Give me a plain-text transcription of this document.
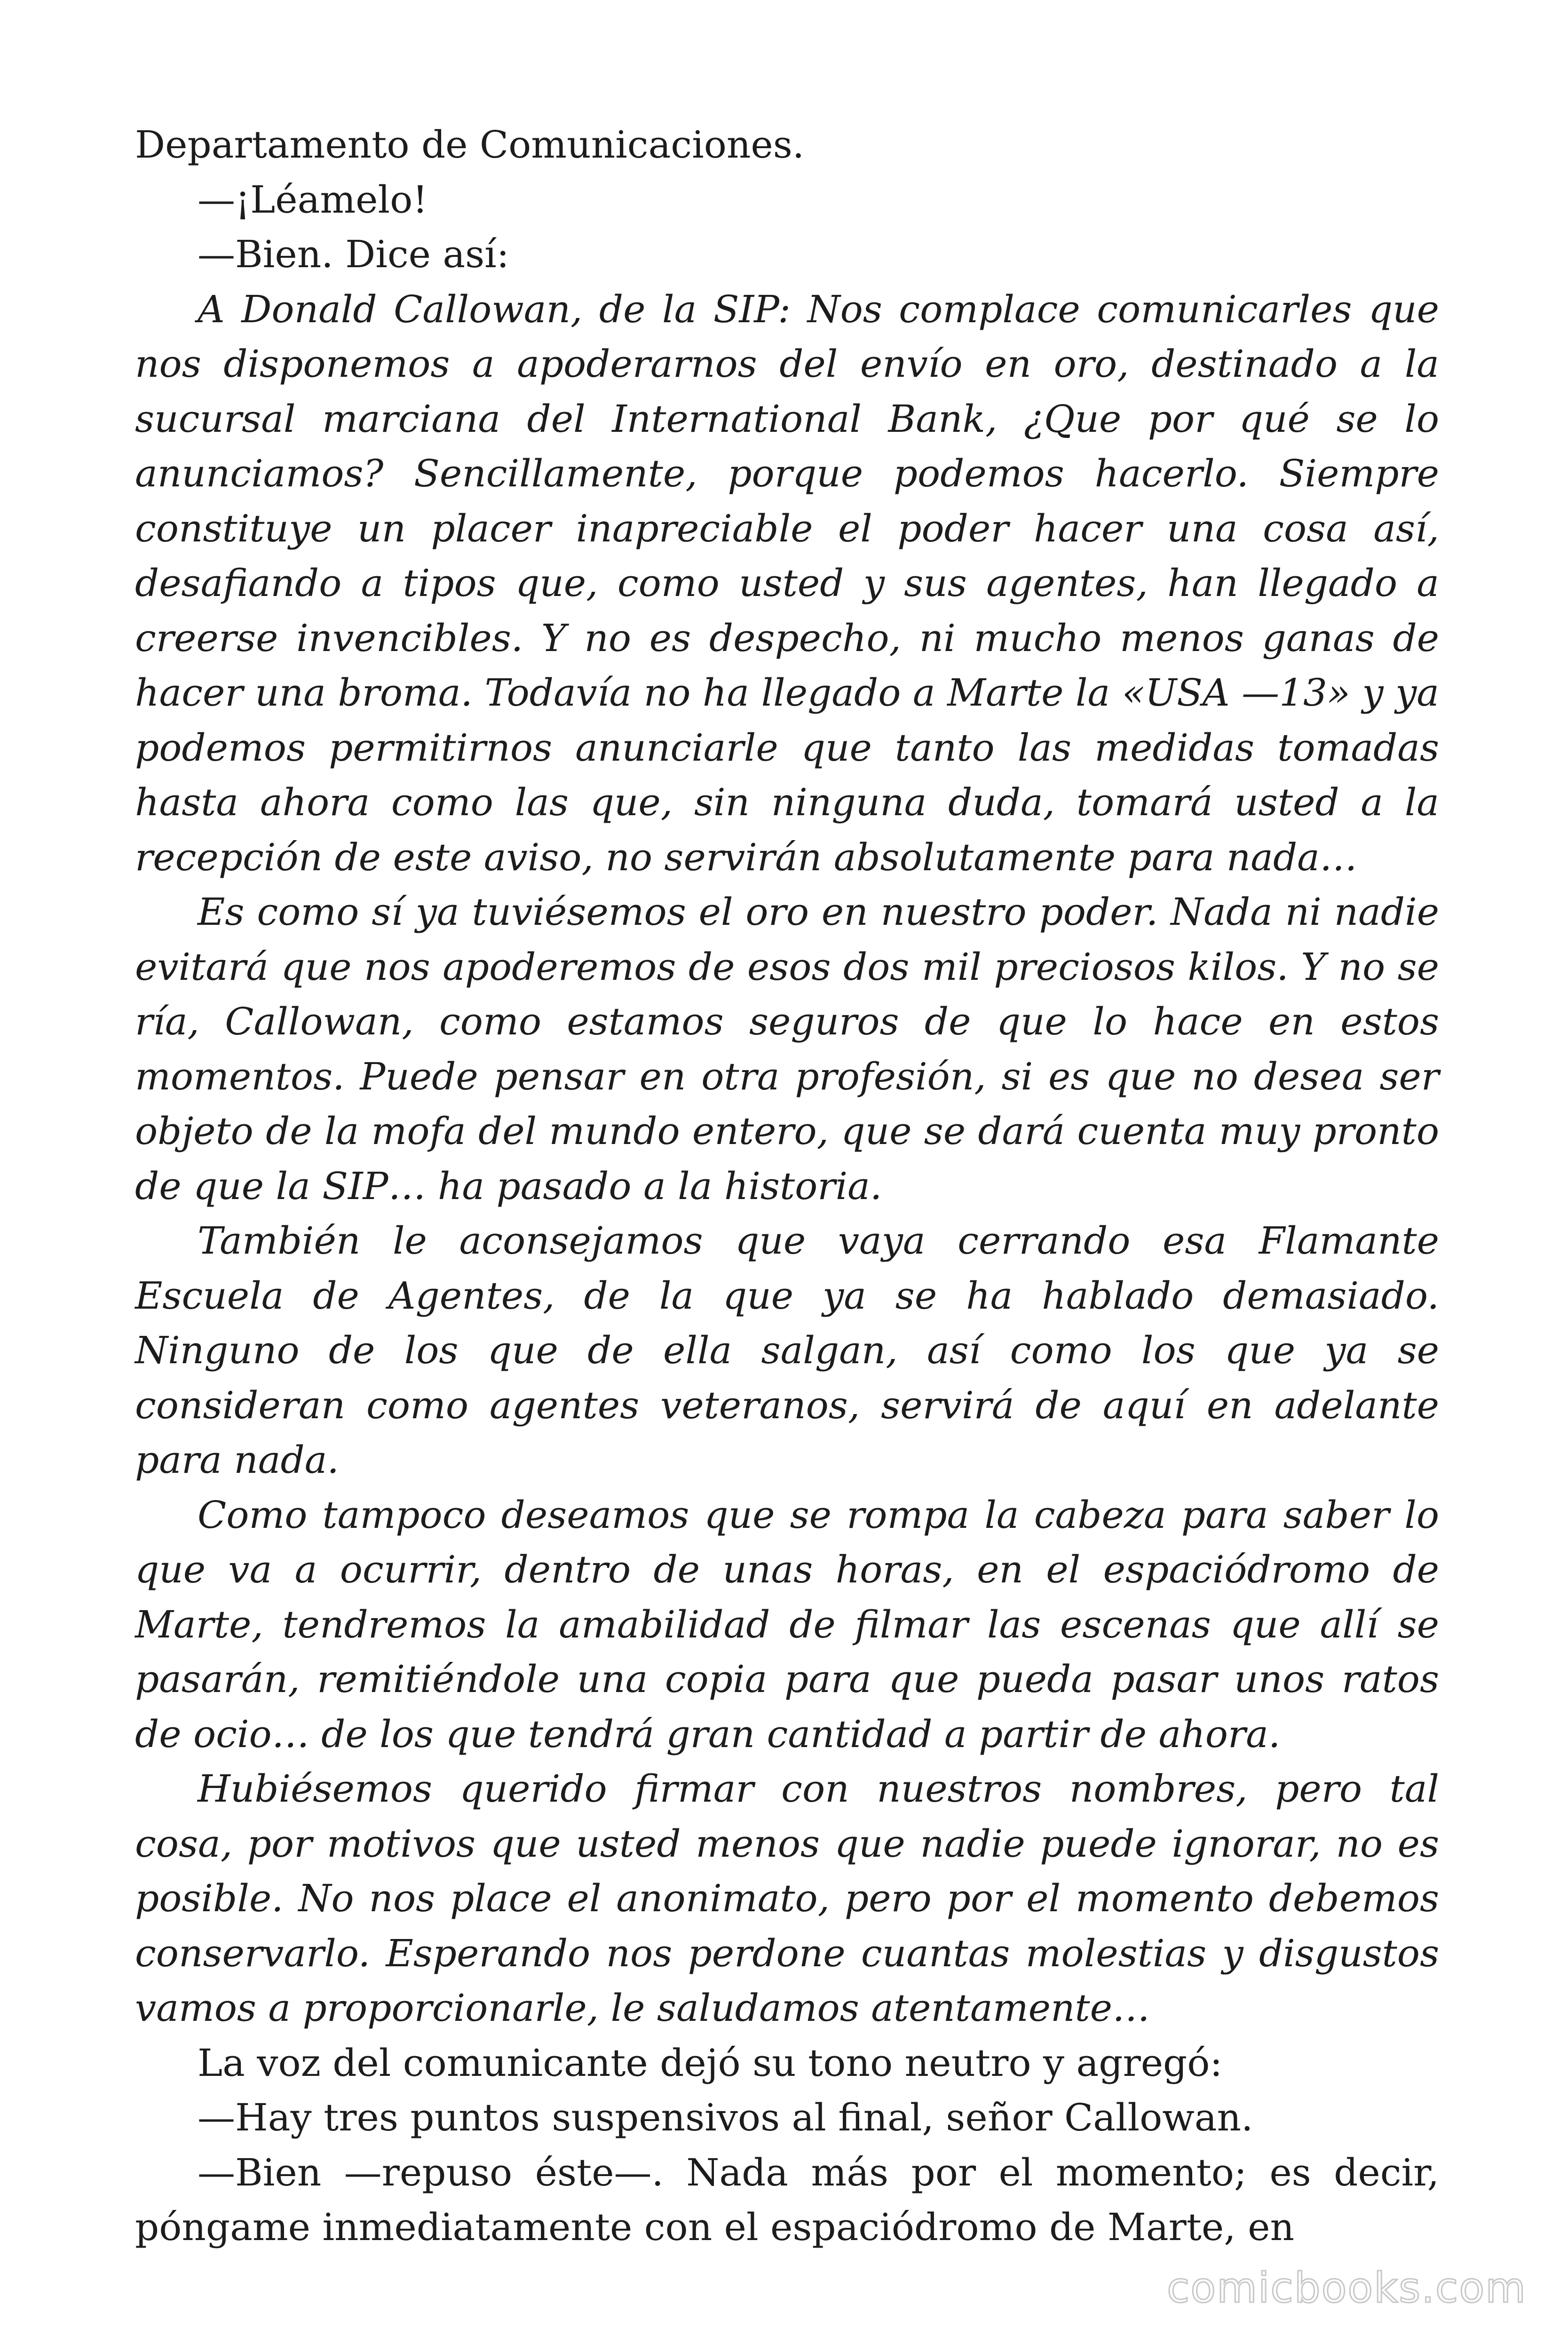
Departamento de Comunicaciones.

—¡Léamelo!

—Bien. Dice así:

A Donald Callowan, de la SIP: Nos complace comunicarles que nos disponemos a apoderarnos del envío en oro, destinado a la sucursal marciana del International Bank, ¿Que por qué se lo anunciamos? Sencillamente, porque podemos hacerlo. Siempre constituye un placer inapreciable el poder hacer una cosa así, desafiando a tipos que, como usted y sus agentes, han llegado a creerse invencibles. Y no es despecho, ni mucho menos ganas de hacer una broma. Todavía no ha llegado a Marte la «USA —13» y ya podemos permitirnos anunciarle que tanto las medidas tomadas hasta ahora como las que, sin ninguna duda, tomará usted a la recepción de este aviso, no servirán absolutamente para nada…

Es como sí ya tuviésemos el oro en nuestro poder. Nada ni nadie evitará que nos apoderemos de esos dos mil preciosos kilos. Y no se ría, Callowan, como estamos seguros de que lo hace en estos momentos. Puede pensar en otra profesión, si es que no desea ser objeto de la mofa del mundo entero, que se dará cuenta muy pronto de que la SIP… ha pasado a la historia.

También le aconsejamos que vaya cerrando esa Flamante Escuela de Agentes, de la que ya se ha hablado demasiado. Ninguno de los que de ella salgan, así como los que ya se consideran como agentes veteranos, servirá de aquí en adelante para nada.

Como tampoco deseamos que se rompa la cabeza para saber lo que va a ocurrir, dentro de unas horas, en el espaciódromo de Marte, tendremos la amabilidad de filmar las escenas que allí se pasarán, remitiéndole una copia para que pueda pasar unos ratos de ocio… de los que tendrá gran cantidad a partir de ahora.

Hubiésemos querido firmar con nuestros nombres, pero tal cosa, por motivos que usted menos que nadie puede ignorar, no es posible. No nos place el anonimato, pero por el momento debemos conservarlo. Esperando nos perdone cuantas molestias y disgustos vamos a proporcionarle, le saludamos atentamente…

La voz del comunicante dejó su tono neutro y agregó:

—Hay tres puntos suspensivos al final, señor Callowan.

—Bien —repuso éste—. Nada más por el momento; es decir, póngame inmediatamente con el espaciódromo de Marte, en

comicbooks.com
